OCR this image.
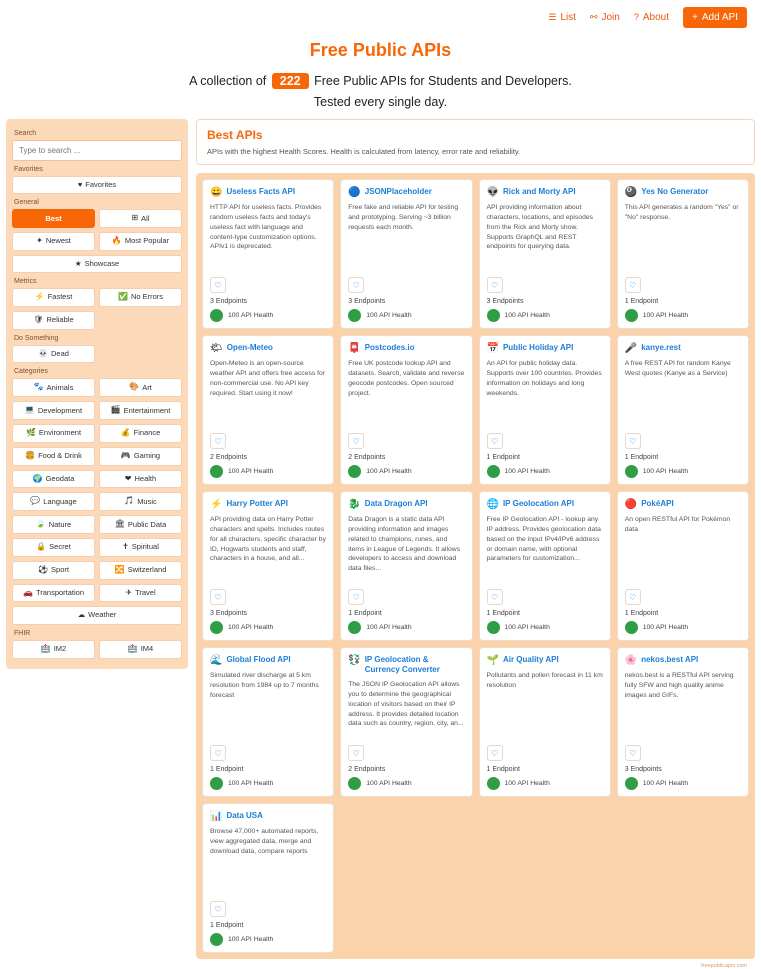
☰ List ⚯ Join ? About + Add API
Free Public APIs

A collection of 222 Free Public APIs for Students and Developers.

Tested every single day.

Search
Type to search ...
Favorites
♥ Favorites
General
Best	⊞ All
✦ Newest	🔥 Most Popular
★ Showcase
Metrics
⚡ Fastest	✅ No Errors
🛡 Reliable
Do Something
💀 Dead
Categories
🐾 Animals	🎨 Art
💻 Development	🎬 Entertainment
🌿 Environment	💰 Finance
🍔 Food & Drink	🎮 Gaming
🌍 Geodata	❤ Health
💬 Language	🎵 Music
🍃 Nature	🏛 Public Data
🔒 Secret	✝ Spiritual
⚽ Sport	🔀 Switzerland
🚗 Transportation	✈ Travel
☁ Weather
FHIR
🏥 IM2	🏥 IM4
Best APIs

APIs with the highest Health Scores. Health is calculated from latency, error rate and reliability.

😀 Useless Facts API
HTTP API for useless facts. Provides random useless facts and today's useless fact with language and content-type customization options. APIv1 is deprecated.
♡
3 Endpoints
100 API Health
🔵 JSONPlaceholder
Free fake and reliable API for testing and prototyping. Serving ~3 billion requests each month.
♡
3 Endpoints
100 API Health
👽 Rick and Morty API
API providing information about characters, locations, and episodes from the Rick and Morty show. Supports GraphQL and REST endpoints for querying data.
♡
3 Endpoints
100 API Health
🎱 Yes No Generator
This API generates a random "Yes" or "No" response.
♡
1 Endpoint
100 API Health
🌤 Open-Meteo
Open-Meteo is an open-source weather API and offers free access for non-commercial use. No API key required. Start using it now!
♡
2 Endpoints
100 API Health
📮 Postcodes.io
Free UK postcode lookup API and datasets. Search, validate and reverse geocode postcodes. Open sourced project.
♡
2 Endpoints
100 API Health
📅 Public Holiday API
An API for public holiday data. Supports over 100 countries. Provides information on holidays and long weekends.
♡
1 Endpoint
100 API Health
🎤 kanye.rest
A free REST API for random Kanye West quotes (Kanye as a Service)
♡
1 Endpoint
100 API Health
⚡ Harry Potter API
API providing data on Harry Potter characters and spells. Includes routes for all characters, specific character by ID, Hogwarts students and staff, characters in a house, and all...
♡
3 Endpoints
100 API Health
🐉 Data Dragon API
Data Dragon is a static data API providing information and images related to champions, runes, and items in League of Legends. It allows developers to access and download data files...
♡
1 Endpoint
100 API Health
🌐 IP Geolocation API
Free IP Geolocation API - lookup any IP address. Provides geolocation data based on the input IPv4/IPv6 address or domain name, with optional parameters for customization...
♡
1 Endpoint
100 API Health
🔴 PokéAPI
An open RESTful API for Pokémon data
♡
1 Endpoint
100 API Health
🌊 Global Flood API
Simulated river discharge at 5 km resolution from 1984 up to 7 months forecast
♡
1 Endpoint
100 API Health
💱 IP Geolocation & Currency Converter
The JSON IP Geolocation API allows you to determine the geographical location of visitors based on their IP address. It provides detailed location data such as country, region, city, an...
♡
2 Endpoints
100 API Health
🌱 Air Quality API
Pollutants and pollen forecast in 11 km resolution
♡
1 Endpoint
100 API Health
🌸 nekos.best API
nekos.best is a RESTful API serving fully SFW and high quality anime images and GIFs.
♡
3 Endpoints
100 API Health
📊 Data USA
Browse 47,000+ automated reports, view aggregated data, merge and download data, compare reports
♡
1 Endpoint
100 API Health
freepublicapis.com
